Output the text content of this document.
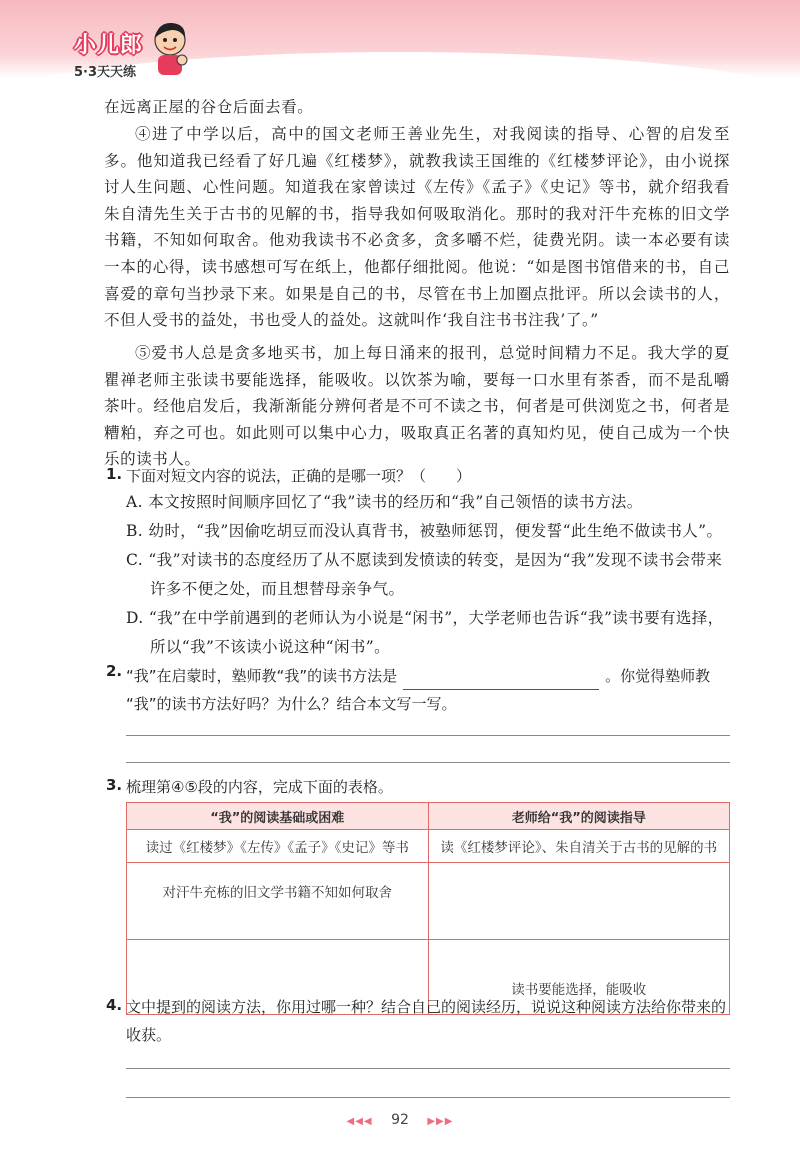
小儿郎
5·3天天练
在远离正屋的谷仓后面去看。
④进了中学以后，高中的国文老师王善业先生，对我阅读的指导、心智的启发至多。他知道我已经看了好几遍《红楼梦》，就教我读王国维的《红楼梦评论》，由小说探讨人生问题、心性问题。知道我在家曾读过《左传》《孟子》《史记》等书，就介绍我看朱自清先生关于古书的见解的书，指导我如何吸取消化。那时的我对汗牛充栋的旧文学书籍，不知如何取舍。他劝我读书不必贪多，贪多嚼不烂，徒费光阴。读一本必要有读一本的心得，读书感想可写在纸上，他都仔细批阅。他说：“如是图书馆借来的书，自己喜爱的章句当抄录下来。如果是自己的书，尽管在书上加圈点批评。所以会读书的人，不但人受书的益处，书也受人的益处。这就叫作‘我自注书书注我’了。”
⑤爱书人总是贪多地买书，加上每日涌来的报刊，总觉时间精力不足。我大学的夏瞿禅老师主张读书要能选择，能吸收。以饮茶为喻，要每一口水里有茶香，而不是乱嚼茶叶。经他启发后，我渐渐能分辨何者是不可不读之书，何者是可供浏览之书，何者是糟粕，弃之可也。如此则可以集中心力，吸取真正名著的真知灼见，使自己成为一个快乐的读书人。
1. 下面对短文内容的说法，正确的是哪一项？（　　）
A. 本文按照时间顺序回忆了“我”读书的经历和“我”自己领悟的读书方法。
B. 幼时，“我”因偷吃胡豆而没认真背书，被塾师惩罚，便发誓“此生绝不做读书人”。
C. “我”对读书的态度经历了从不愿读到发愤读的转变，是因为“我”发现不读书会带来许多不便之处，而且想替母亲争气。
D. “我”在中学前遇到的老师认为小说是“闲书”，大学老师也告诉“我”读书要有选择，所以“我”不该读小说这种“闲书”。
2. “我”在启蒙时，塾师教“我”的读书方法是	。你觉得塾师教
“我”的读书方法好吗？为什么？结合本文写一写。
3. 梳理第④⑤段的内容，完成下面的表格。
“我”的阅读基础或困难	老师给“我”的阅读指导
读过《红楼梦》《左传》《孟子》《史记》等书	读《红楼梦评论》、朱自清关于古书的见解的书
对汗牛充栋的旧文学书籍不知如何取舍	
	读书要能选择，能吸收
4. 文中提到的阅读方法，你用过哪一种？结合自己的阅读经历，说说这种阅读方法给你带来的收获。
◀◀◀ 92 ▶▶▶
